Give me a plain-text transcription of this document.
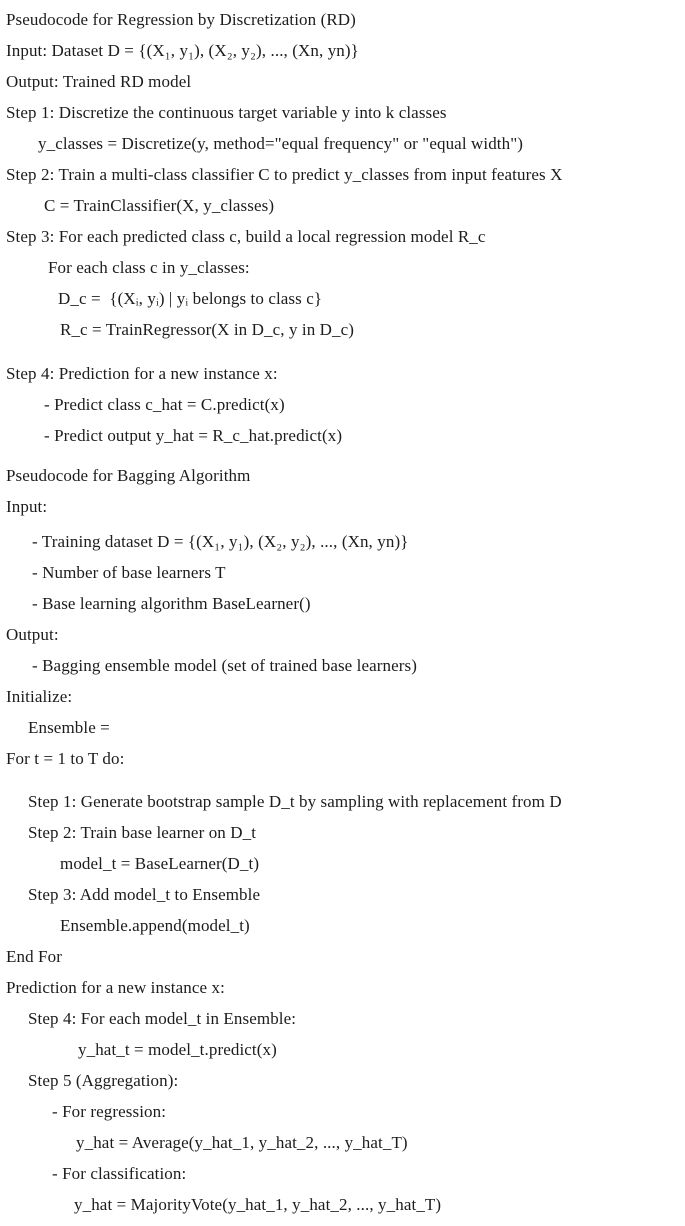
Pseudocode for Regression by Discretization (RD)
Input: Dataset D = {(X₁, y₁), (X₂, y₂), ..., (Xn, yn)}
Output: Trained RD model
Step 1: Discretize the continuous target variable y into k classes
y_classes = Discretize(y, method="equal frequency" or "equal width")
Step 2: Train a multi-class classifier C to predict y_classes from input features X
C = TrainClassifier(X, y_classes)
Step 3: For each predicted class c, build a local regression model R_c
For each class c in y_classes:
D_c =  {(Xᵢ, yᵢ) | yᵢ belongs to class c}
R_c = TrainRegressor(X in D_c, y in D_c)
Step 4: Prediction for a new instance x:
- Predict class c_hat = C.predict(x)
- Predict output y_hat = R_c_hat.predict(x)
Pseudocode for Bagging Algorithm
Input:
- Training dataset D = {(X₁, y₁), (X₂, y₂), ..., (Xn, yn)}
- Number of base learners T
- Base learning algorithm BaseLearner()
Output:
- Bagging ensemble model (set of trained base learners)
Initialize:
Ensemble =
For t = 1 to T do:
Step 1: Generate bootstrap sample D_t by sampling with replacement from D
Step 2: Train base learner on D_t
model_t = BaseLearner(D_t)
Step 3: Add model_t to Ensemble
Ensemble.append(model_t)
End For
Prediction for a new instance x:
Step 4: For each model_t in Ensemble:
y_hat_t = model_t.predict(x)
Step 5 (Aggregation):
- For regression:
y_hat = Average(y_hat_1, y_hat_2, ..., y_hat_T)
- For classification:
y_hat = MajorityVote(y_hat_1, y_hat_2, ..., y_hat_T)
